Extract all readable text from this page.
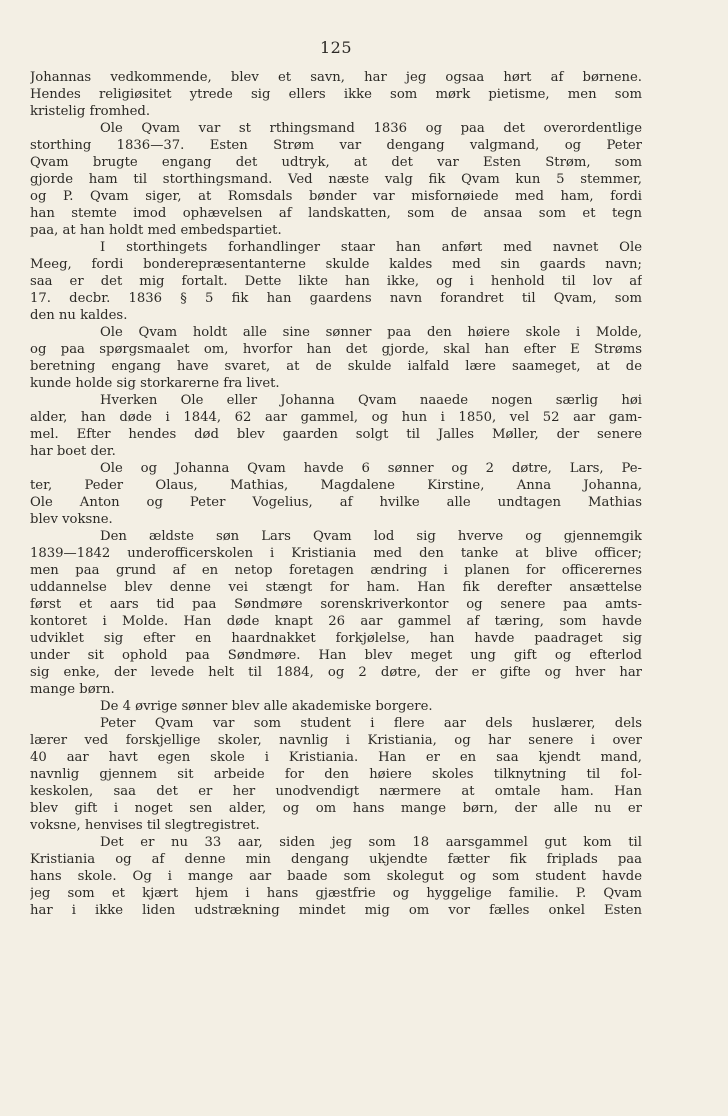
125
Johannas vedkommende, blev et savn, har jeg ogsaa hørt af børnene.
Hendes religiøsitet ytrede sig ellers ikke som mørk pietisme, men som
kristelig fromhed.
Ole Qvam var st rthingsmand 1836 og paa det overordentlige
storthing 1836—37. Esten Strøm var dengang valgmand, og Peter
Qvam brugte engang det udtryk, at det var Esten Strøm, som
gjorde ham til storthingsmand. Ved næste valg fik Qvam kun 5 stemmer,
og P. Qvam siger, at Romsdals bønder var misfornøiede med ham, fordi
han stemte imod ophævelsen af landskatten, som de ansaa som et tegn
paa, at han holdt med embedspartiet.
I storthingets forhandlinger staar han anført med navnet Ole
Meeg, fordi bonderepræsentanterne skulde kaldes med sin gaards navn;
saa er det mig fortalt. Dette likte han ikke, og i henhold til lov af
17. decbr. 1836 § 5 fik han gaardens navn forandret til Qvam, som
den nu kaldes.
Ole Qvam holdt alle sine sønner paa den høiere skole i Molde,
og paa spørgsmaalet om, hvorfor han det gjorde, skal han efter E Strøms
beretning engang have svaret, at de skulde ialfald lære saameget, at de
kunde holde sig storkarerne fra livet.
Hverken Ole eller Johanna Qvam naaede nogen særlig høi
alder, han døde i 1844, 62 aar gammel, og hun i 1850, vel 52 aar gam-
mel. Efter hendes død blev gaarden solgt til Jalles Møller, der senere
har boet der.
Ole og Johanna Qvam havde 6 sønner og 2 døtre, Lars, Pe-
ter, Peder Olaus, Mathias, Magdalene Kirstine, Anna Johanna,
Ole Anton og Peter Vogelius, af hvilke alle undtagen Mathias
blev voksne.
Den ældste søn Lars Qvam lod sig hverve og gjennemgik
1839—1842 underofficerskolen i Kristiania med den tanke at blive officer;
men paa grund af en netop foretagen ændring i planen for officerernes
uddannelse blev denne vei stængt for ham. Han fik derefter ansættelse
først et aars tid paa Søndmøre sorenskriverkontor og senere paa amts-
kontoret i Molde. Han døde knapt 26 aar gammel af tæring, som havde
udviklet sig efter en haardnakket forkjølelse, han havde paadraget sig
under sit ophold paa Søndmøre. Han blev meget ung gift og efterlod
sig enke, der levede helt til 1884, og 2 døtre, der er gifte og hver har
mange børn.
De 4 øvrige sønner blev alle akademiske borgere.
Peter Qvam var som student i flere aar dels huslærer, dels
lærer ved forskjellige skoler, navnlig i Kristiania, og har senere i over
40 aar havt egen skole i Kristiania. Han er en saa kjendt mand,
navnlig gjennem sit arbeide for den høiere skoles tilknytning til fol-
keskolen, saa det er her unodvendigt nærmere at omtale ham. Han
blev gift i noget sen alder, og om hans mange børn, der alle nu er
voksne, henvises til slegtregistret.
Det er nu 33 aar, siden jeg som 18 aarsgammel gut kom til
Kristiania og af denne min dengang ukjendte fætter fik friplads paa
hans skole. Og i mange aar baade som skolegut og som student havde
jeg som et kjært hjem i hans gjæstfrie og hyggelige familie. P. Qvam
har i ikke liden udstrækning mindet mig om vor fælles onkel Esten
